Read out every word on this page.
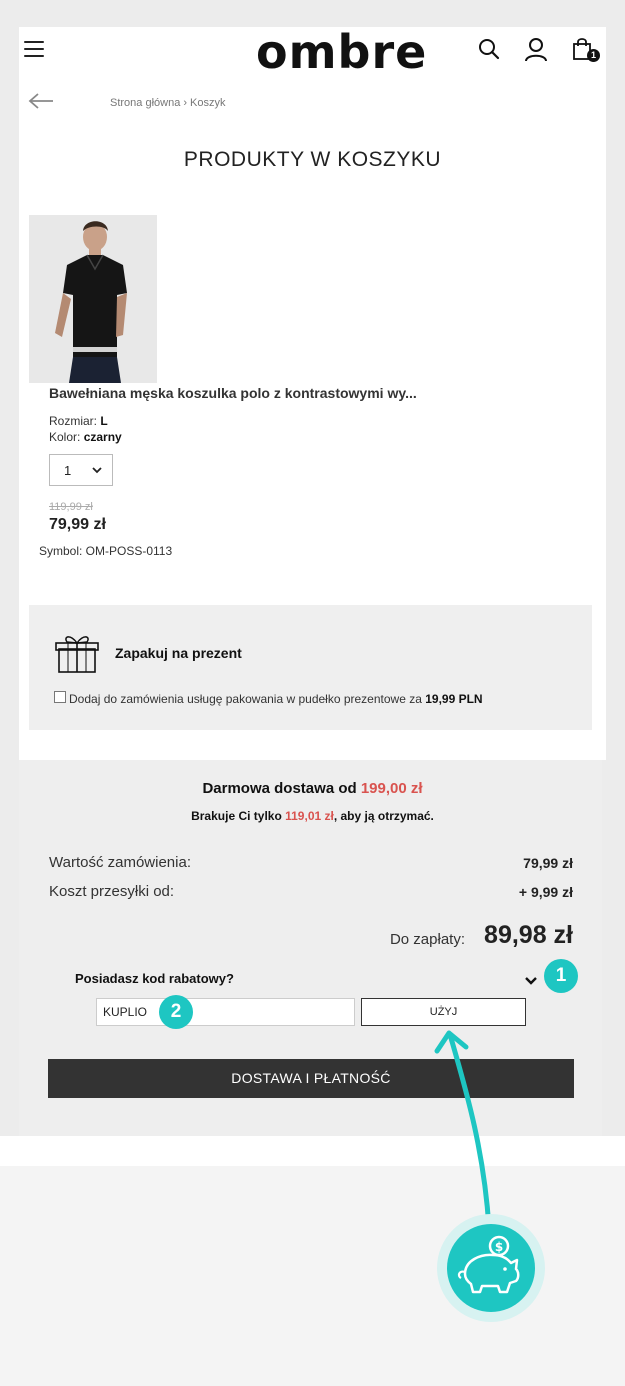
ombre	1
Strona główna › Koszyk
PRODUKTY W KOSZYKU
Bawełniana męska koszulka polo z kontrastowymi wy...
Rozmiar: L
Kolor: czarny
1
119,99 zł
79,99 zł
Symbol: OM-POSS-0113
Zapakuj na prezent
Dodaj do zamówienia usługę pakowania w pudełko prezentowe za 19,99 PLN
Darmowa dostawa od 199,00 zł
Brakuje Ci tylko 119,01 zł, aby ją otrzymać.
Wartość zamówienia:	79,99 zł
Koszt przesyłki od:	+ 9,99 zł
Do zapłaty: 89,98 zł
Posiadasz kod rabatowy?
KUPLIO	UŻYJ
DOSTAWA I PŁATNOŚĆ
1
2
$
